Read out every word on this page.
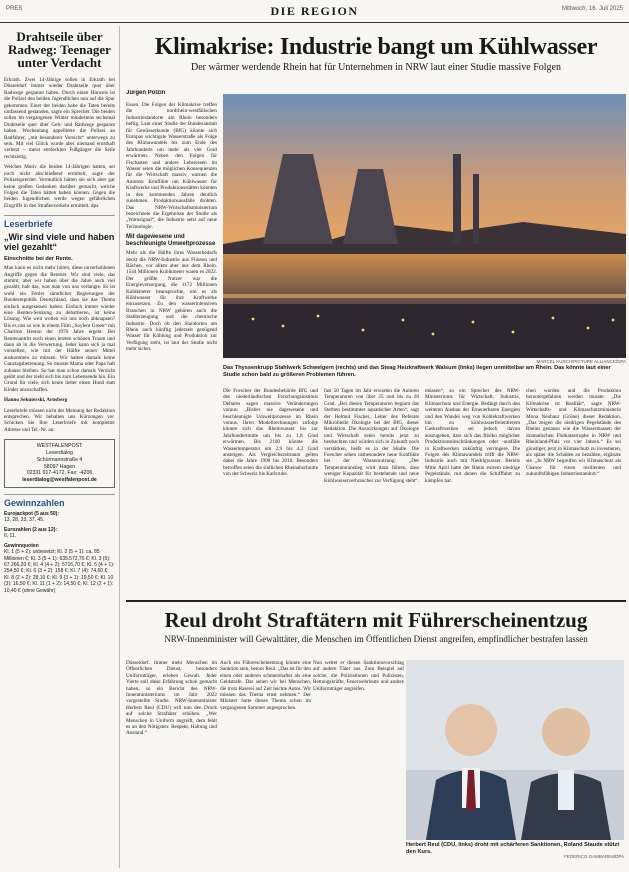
PRES	DIE REGION	Mittwoch, 16. Juli 2025
Drahtseile über Radweg: Teenager unter Verdacht

Erkrath. Zwei 14-Jährige sollen in Erkrath bei Düsseldorf immer wieder Drahtseile quer über Radwege gespannt haben. Durch einen Hinweis ist die Polizei den beiden Jugendlichen nun auf die Spur gekommen. Einer der beiden habe die Taten bereits umfassend gestanden, sagte ein Sprecher. Die beiden sollen im vergangenen Winter mindestens sechsmal Drahtseile quer über Geh- und Radwege gespannt haben. Wochenlang appellierte die Polizei an Radfahrer, „mit besonderer Vorsicht“ unterwegs zu sein. Mit viel Glück wurde aber niemand ernsthaft verletzt – meist entdeckten Fußgänger die Seile rechtzeitig.

Welches Motiv die beiden 14-Jährigen hatten, sei noch nicht abschließend ermittelt, sagte der Polizeisprecher. Vermutlich hätten sie sich aber gar keine großen Gedanken darüber gemacht, welche Folgen die Taten hätten haben können. Gegen die beiden Jugendlichen werde wegen gefährlichen Eingriffs in den Straßenverkehr ermittelt. dpa

Leserbriefe
„Wir sind viele und haben viel gezahlt“
Einschnitte bei der Rente.

Man kann es nicht mehr hören, diese unverhohlenen Angriffe gegen die Rentner. Wir sind viele, das stimmt, aber wir haben über die Jahre auch viel gezahlt, halt das, was man von uns verlangte. Es ist wohl ein Fehler sämtlicher Regierungen der Bundesrepublik Deutschland, dass sie das Thema einfach ausgesessen haben. Einfach immer wieder eine Renten-Senkung zu debattieren, ist keine Lösung. Wie weit wollen wir uns noch abknapsen? Bis es uns so wie in einem Film „Soylent Green“ mit Charlton Heston der 1970 Jahre ergeht: Bei Rentenantritt noch einen letzten schönen Traum und dann ab in die Verwertung. Jeder kann sich ja mal vorstellen, wie mit der Hälfte seiner Mittel auskommen zu müssen. Wir hatten damals keine Ganztagsbetreuung. So musste Mama oder Papa halt zuhause bleiben. So hat man schon damals Verzicht geübt und der zieht sich bis zum Lebensende hin. Ein Grund für viele, sich heute lieber einen Hund statt Kinder anzuschaffen.

Hanno Sekuterski, Arnsberg

Leserbriefe müssen nicht der Meinung der Redaktion entsprechen. Wir behalten uns Kürzungen vor. Schicken Sie Ihre Leserbriefe mit kompletter Adresse und Tel.-Nr. an:

WESTFALENPOST
Leserdialog
Schürmannstraße 4
58097 Hagen
02331 917-4172, Fax: -4206
leserdialog@westfalenpost.de
Gewinnzahlen
Eurojackpot (5 aus 50):
13, 28, 33, 37, 45.
Eurozahlen (2 aus 12):
6, 11.
Gewinnquoten
Kl. 1 (5 + 2): unbesetzt; Kl. 2 (5 + 1): ca. 85 Millionen €; Kl. 3 (5 + 1): 635.572,70 €; Kl. 3 (5): 67.266,20 €; Kl. 4 (4 + 2): 5716,70 €; Kl. 5 (4 + 1): 254,50 €; Kl. 6 (3 + 2): 158 €; Kl. 7 (4): 74,60 €; Kl. 8 (2 + 2): 28,10 €; Kl. 9 (3 + 1): 19,50 €; Kl. 10 (3): 16,50 €; Kl. 11 (1 + 2): 14,50 €; Kl. 12 (2 + 1): 10,40 € (ohne Gewähr)
Klimakrise: Industrie bangt um Kühlwasser
Der wärmer werdende Rhein hat für Unternehmen in NRW laut einer Studie massive Folgen
Jürgen Polzin

Essen. Die Folgen der Klimakrise treffen die nordrhein-westfälischen Industriestandorte am Rhein besonders heftig. Laut einer Studie der Bundesanstalt für Gewässerkunde (BfG) könnte sich Europas wichtigste Wasserstraße als Folge des Klimawandels bis zum Ende des Jahrhunderts um mehr als vier Grad erwärmen. Neben den Folgen für Fischarten und andere Lebewesen im Wasser seien die möglichen Konsequenzen für die Wirtschaft massiv, warnen die Autoren: Konflikte um Kühlwasser für Kraftwerke und Produktionsstätten könnten in den kommenden Jahren deutlich zunehmen. Produktionsausfälle drohten. Das NRW-Wirtschaftsministerium bezeichnete die Ergebnisse der Studie als „Warnsignal“, die Industrie setzt auf neue Technologie.

Mit dagewesene und beschleunigte Umweltprozesse

Mehr als die Hälfte ihres Wasserbedarfs deckt die NRW-Industrie aus Flüssen und Bächen, vor allem aber aus dem Rhein. 1544 Millionen Kubikmeter waren es 2022. Der größte Nutzer war die Energieversorgung, die 1172 Millionen Kubikmeter beanspruchte, um es als Kühlwasser für ihre Kraftwerke einzusetzen. Zu den wasserintensiven Branchen in NRW gehören auch die Stahlerzeugung und die chemische Industrie. Doch ob den Standorten am Rhein auch künftig jederzeit genügend Wasser für Kühlung und Produktion zur Verfügung steht, ist laut der Studie nicht mehr sicher.

MARCEL KUSCH/PICTURE ALLIANCE/DPA
Das Thyssenkrupp Stahlwerk Schwelgern (rechts) und das Steag Heizkraftwerk Walsum (links) liegen unmittelbar am Rhein. Das könnte laut einer Studie schon bald zu größeren Problemen führen.

Die Forscher der Bundesbehörde BfG und des niederländischen Forschungsinstituts Deltares sagen massive Veränderungen voraus: „Bisher nie dagewesene und beschleunigte Umweltprozesse im Rhein voraus. Ihren Modellrechnungen zufolge könnte sich das Rheinwasser bis zur Jahrhundertmitte um bis zu 1,8 Grad erwärmen. Bis 2100 könnte die Wassertemperatur um 2,9 bis 4,2 Grad ansteigen. Als Vergleichszeitraum gelten dabei die Jahre 1990 bis 2010. Besonders betroffen seien die südlichen Rheinabschnitte von der Schweiz bis Karlsruhe.

fast 50 Tagen im Jahr erwarten die Autoren Temperaturen von über 25 und bis zu 28 Grad. „Bei diesen Temperaturen beginnt das Sterben bestimmter aquatischer Arten“, sagt der Helmut Fischer, Leiter des Referats Mikrobielle Ökologie bei der BfG, dieser Redaktion. Die Auswirkungen auf Ökologie und Wirtschaft seien bereits jetzt zu beobachten und würden sich in Zukunft noch verstärken, heißt es in der Studie. Die Forscher sehen insbesondere neue Konflikte bei der Wassernutzung: „Der Temperaturanstieg wird dazu führen, dass weniger Kapazität für bestehende und neue Kühlwasserverbraucher zur Verfügung steht“.

müssen“, so ein Sprecher des NRW-Ministeriums für Wirtschaft, Industrie, Klimaschutz und Energie. Bedingt durch den weiteren Ausbau der Erneuerbaren Energien und den Wandel weg von Kohlekraftwerken hin zu kühlwasserfreientlerem Gaskraftwerken sei jedoch davon auszugehen, dass sich das Risiko möglicher Produktionseinschränkungen oder -ausfälle in Kraftwerken zukünftig verringere. Die Folgen des Klimawandels trifft die NRW-Industrie auch mit Niedrigwasser. Bereits Mitte April hatte der Rhein extrem niedrige Pegelstände, mit denen die Schifffahrt zu kämpfen hat.

chen wurden und die Produktion heruntergefahren werden musste. „Die Klimakrise ist Realität“, sagte NRW-Wirtschafts- und Klimaschutzministerin Mona Neubaur (Grüne) dieser Redaktion. „Das zeigen die niedrigen Pegelstände des Rheins genauso wie die Wassermassen der dramatischen Flutkatastrophe in NRW und Rheinland-Pfalz vor vier Jahren.“ Es sei günstiger, jetzt in Klimaschutz zu investieren, als später die Schäden zu bezahlen, ergänzte sie. „In NRW begreifen wir Klimaschutz als Chance für einen resilienten und zukunftsfähigen Industriestandort.“

Reul droht Straftätern mit Führerscheinentzug
NRW-Innenminister will Gewalttäter, die Menschen im Öffentlichen Dienst angreifen, empfindlicher bestrafen lassen

Düsseldorf. Immer mehr Menschen im Öffentlichen Dienst, besonders Uniformträger, erleben Gewalt. Jeder Vierte soll diese Erfahrung schon gemacht haben, so ein Bericht des NRW-Innenministeriums im Jahr 2022 vorgestellte Studie. NRW-Innenminister Herbert Reul (CDU) will nun den Druck auf solche Straftäter erhöhen. „Wer Menschen in Uniform angreift, dem fehlt es an den Nötigsten: Respekt, Haltung und Anstand.“

Auch ein Führerscheinentzug könnte eine Sanktion sein, betont Reul. „Das ist für den einen oder anderen schmerzhafter als eine Geldstrafe. Das sehen wir bei Menschen, die trotz Raserei auf Zeit leichte Autos. Wir müssen das Thema ernst nehmen.“ Der Minister hatte dieses Thema schon im vergangenen Sommer angesprochen.

Nun weitet er diesen Sanktionsvorschlag auf andere Täter aus. Zum Beispiel auf solche, die Polizistinnen und Polizisten, Rettungskräfte, Feuerwehrleute und andere Uniformträger angreifen.

Herbert Reul (CDU, links) droht mit schärferen Sanktionen, Roland Staude stützt den Kurs.
FEDERICO GAMBARINI/DPA
